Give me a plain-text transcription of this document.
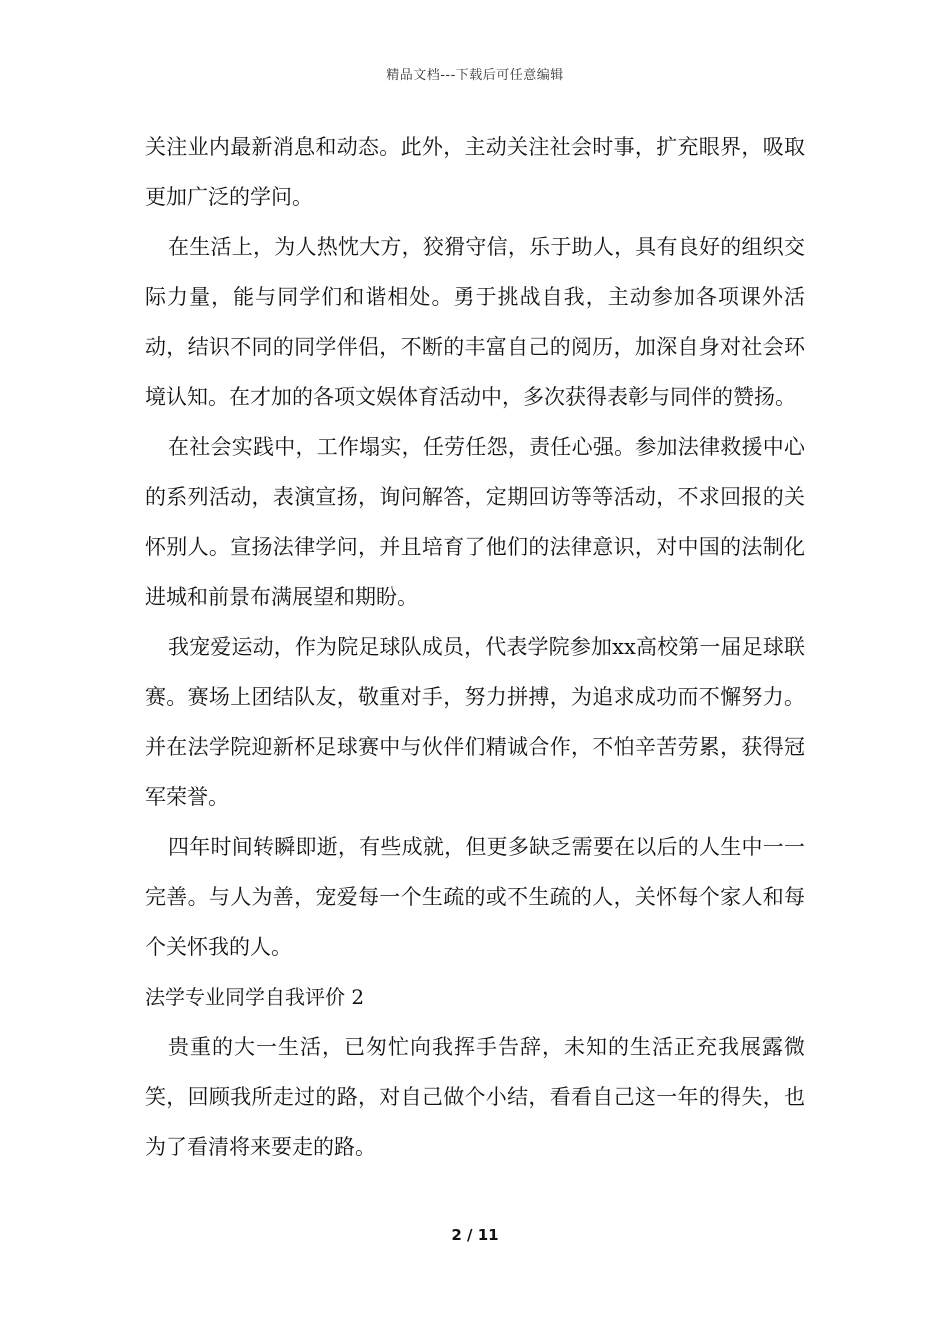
精品文档---下载后可任意编辑

关注业内最新消息和动态。此外，主动关注社会时事，扩充眼界，吸取更加广泛的学问。

在生活上，为人热忱大方，狡猾守信，乐于助人，具有良好的组织交际力量，能与同学们和谐相处。勇于挑战自我，主动参加各项课外活动，结识不同的同学伴侣，不断的丰富自己的阅历，加深自身对社会环境认知。在才加的各项文娱体育活动中，多次获得表彰与同伴的赞扬。

在社会实践中，工作塌实，任劳任怨，责任心强。参加法律救援中心的系列活动，表演宣扬，询问解答，定期回访等等活动，不求回报的关怀别人。宣扬法律学问，并且培育了他们的法律意识，对中国的法制化进城和前景布满展望和期盼。

我宠爱运动，作为院足球队成员，代表学院参加xx高校第一届足球联赛。赛场上团结队友，敬重对手，努力拼搏，为追求成功而不懈努力。并在法学院迎新杯足球赛中与伙伴们精诚合作，不怕辛苦劳累，获得冠军荣誉。

四年时间转瞬即逝，有些成就，但更多缺乏需要在以后的人生中一一完善。与人为善，宠爱每一个生疏的或不生疏的人，关怀每个家人和每个关怀我的人。

法学专业同学自我评价 2

贵重的大一生活，已匆忙向我挥手告辞，未知的生活正充我展露微笑，回顾我所走过的路，对自己做个小结，看看自己这一年的得失，也为了看清将来要走的路。

2 / 11
